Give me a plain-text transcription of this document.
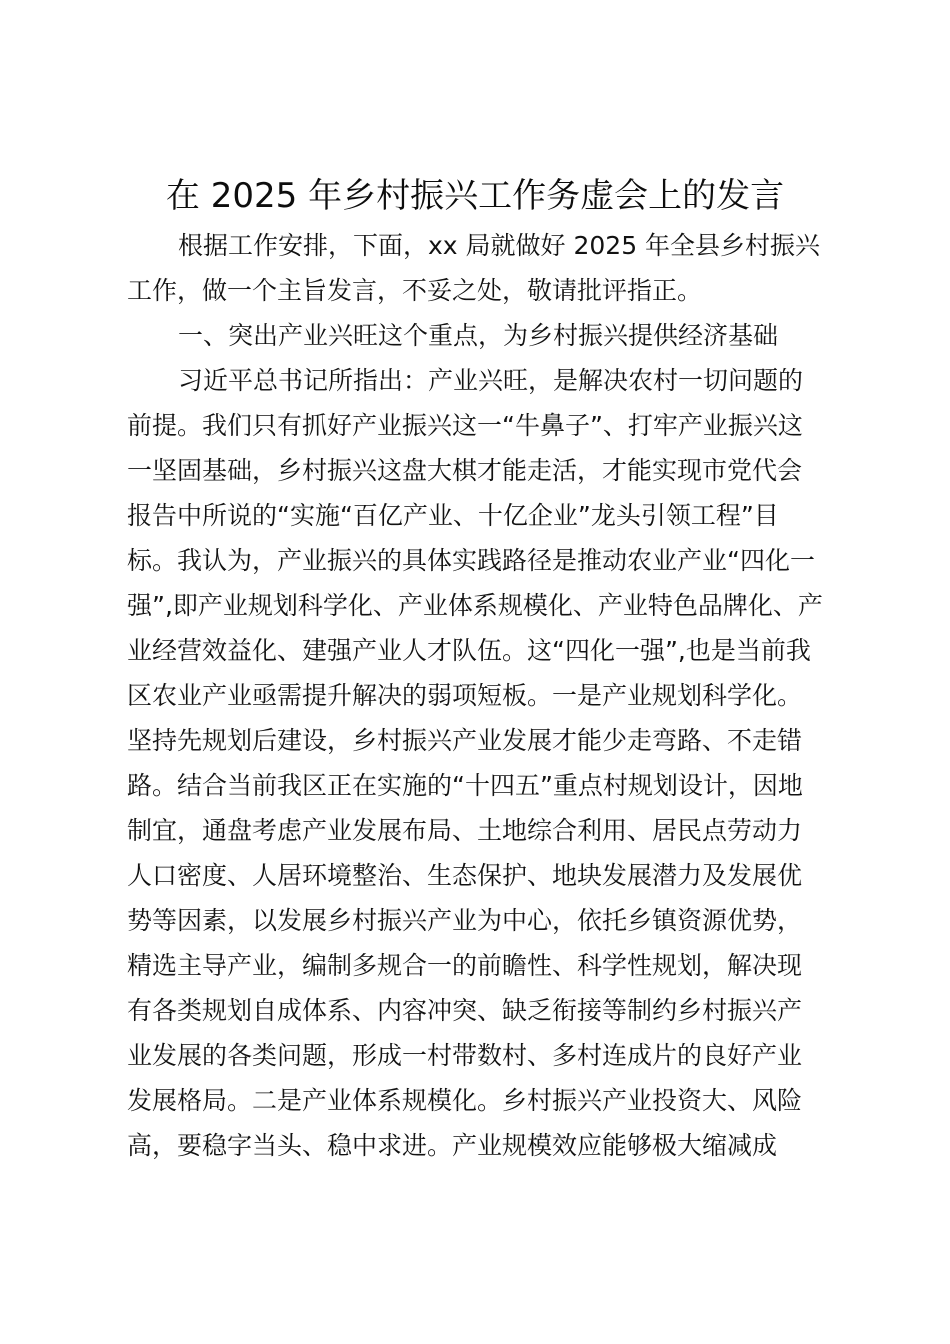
在 2025 年乡村振兴工作务虚会上的发言
根据工作安排，下面，xx 局就做好 2025 年全县乡村振兴
工作，做一个主旨发言，不妥之处，敬请批评指正。
一、突出产业兴旺这个重点，为乡村振兴提供经济基础
习近平总书记所指出：产业兴旺，是解决农村一切问题的
前提。我们只有抓好产业振兴这一“牛鼻子”、打牢产业振兴这
一坚固基础，乡村振兴这盘大棋才能走活，才能实现市党代会
报告中所说的“实施“百亿产业、十亿企业”龙头引领工程”目
标。我认为，产业振兴的具体实践路径是推动农业产业“四化一
强”,即产业规划科学化、产业体系规模化、产业特色品牌化、产
业经营效益化、建强产业人才队伍。这“四化一强”,也是当前我
区农业产业亟需提升解决的弱项短板。一是产业规划科学化。
坚持先规划后建设，乡村振兴产业发展才能少走弯路、不走错
路。结合当前我区正在实施的“十四五”重点村规划设计，因地
制宜，通盘考虑产业发展布局、土地综合利用、居民点劳动力
人口密度、人居环境整治、生态保护、地块发展潜力及发展优
势等因素，以发展乡村振兴产业为中心，依托乡镇资源优势，
精选主导产业，编制多规合一的前瞻性、科学性规划，解决现
有各类规划自成体系、内容冲突、缺乏衔接等制约乡村振兴产
业发展的各类问题，形成一村带数村、多村连成片的良好产业
发展格局。二是产业体系规模化。乡村振兴产业投资大、风险
高，要稳字当头、稳中求进。产业规模效应能够极大缩减成
